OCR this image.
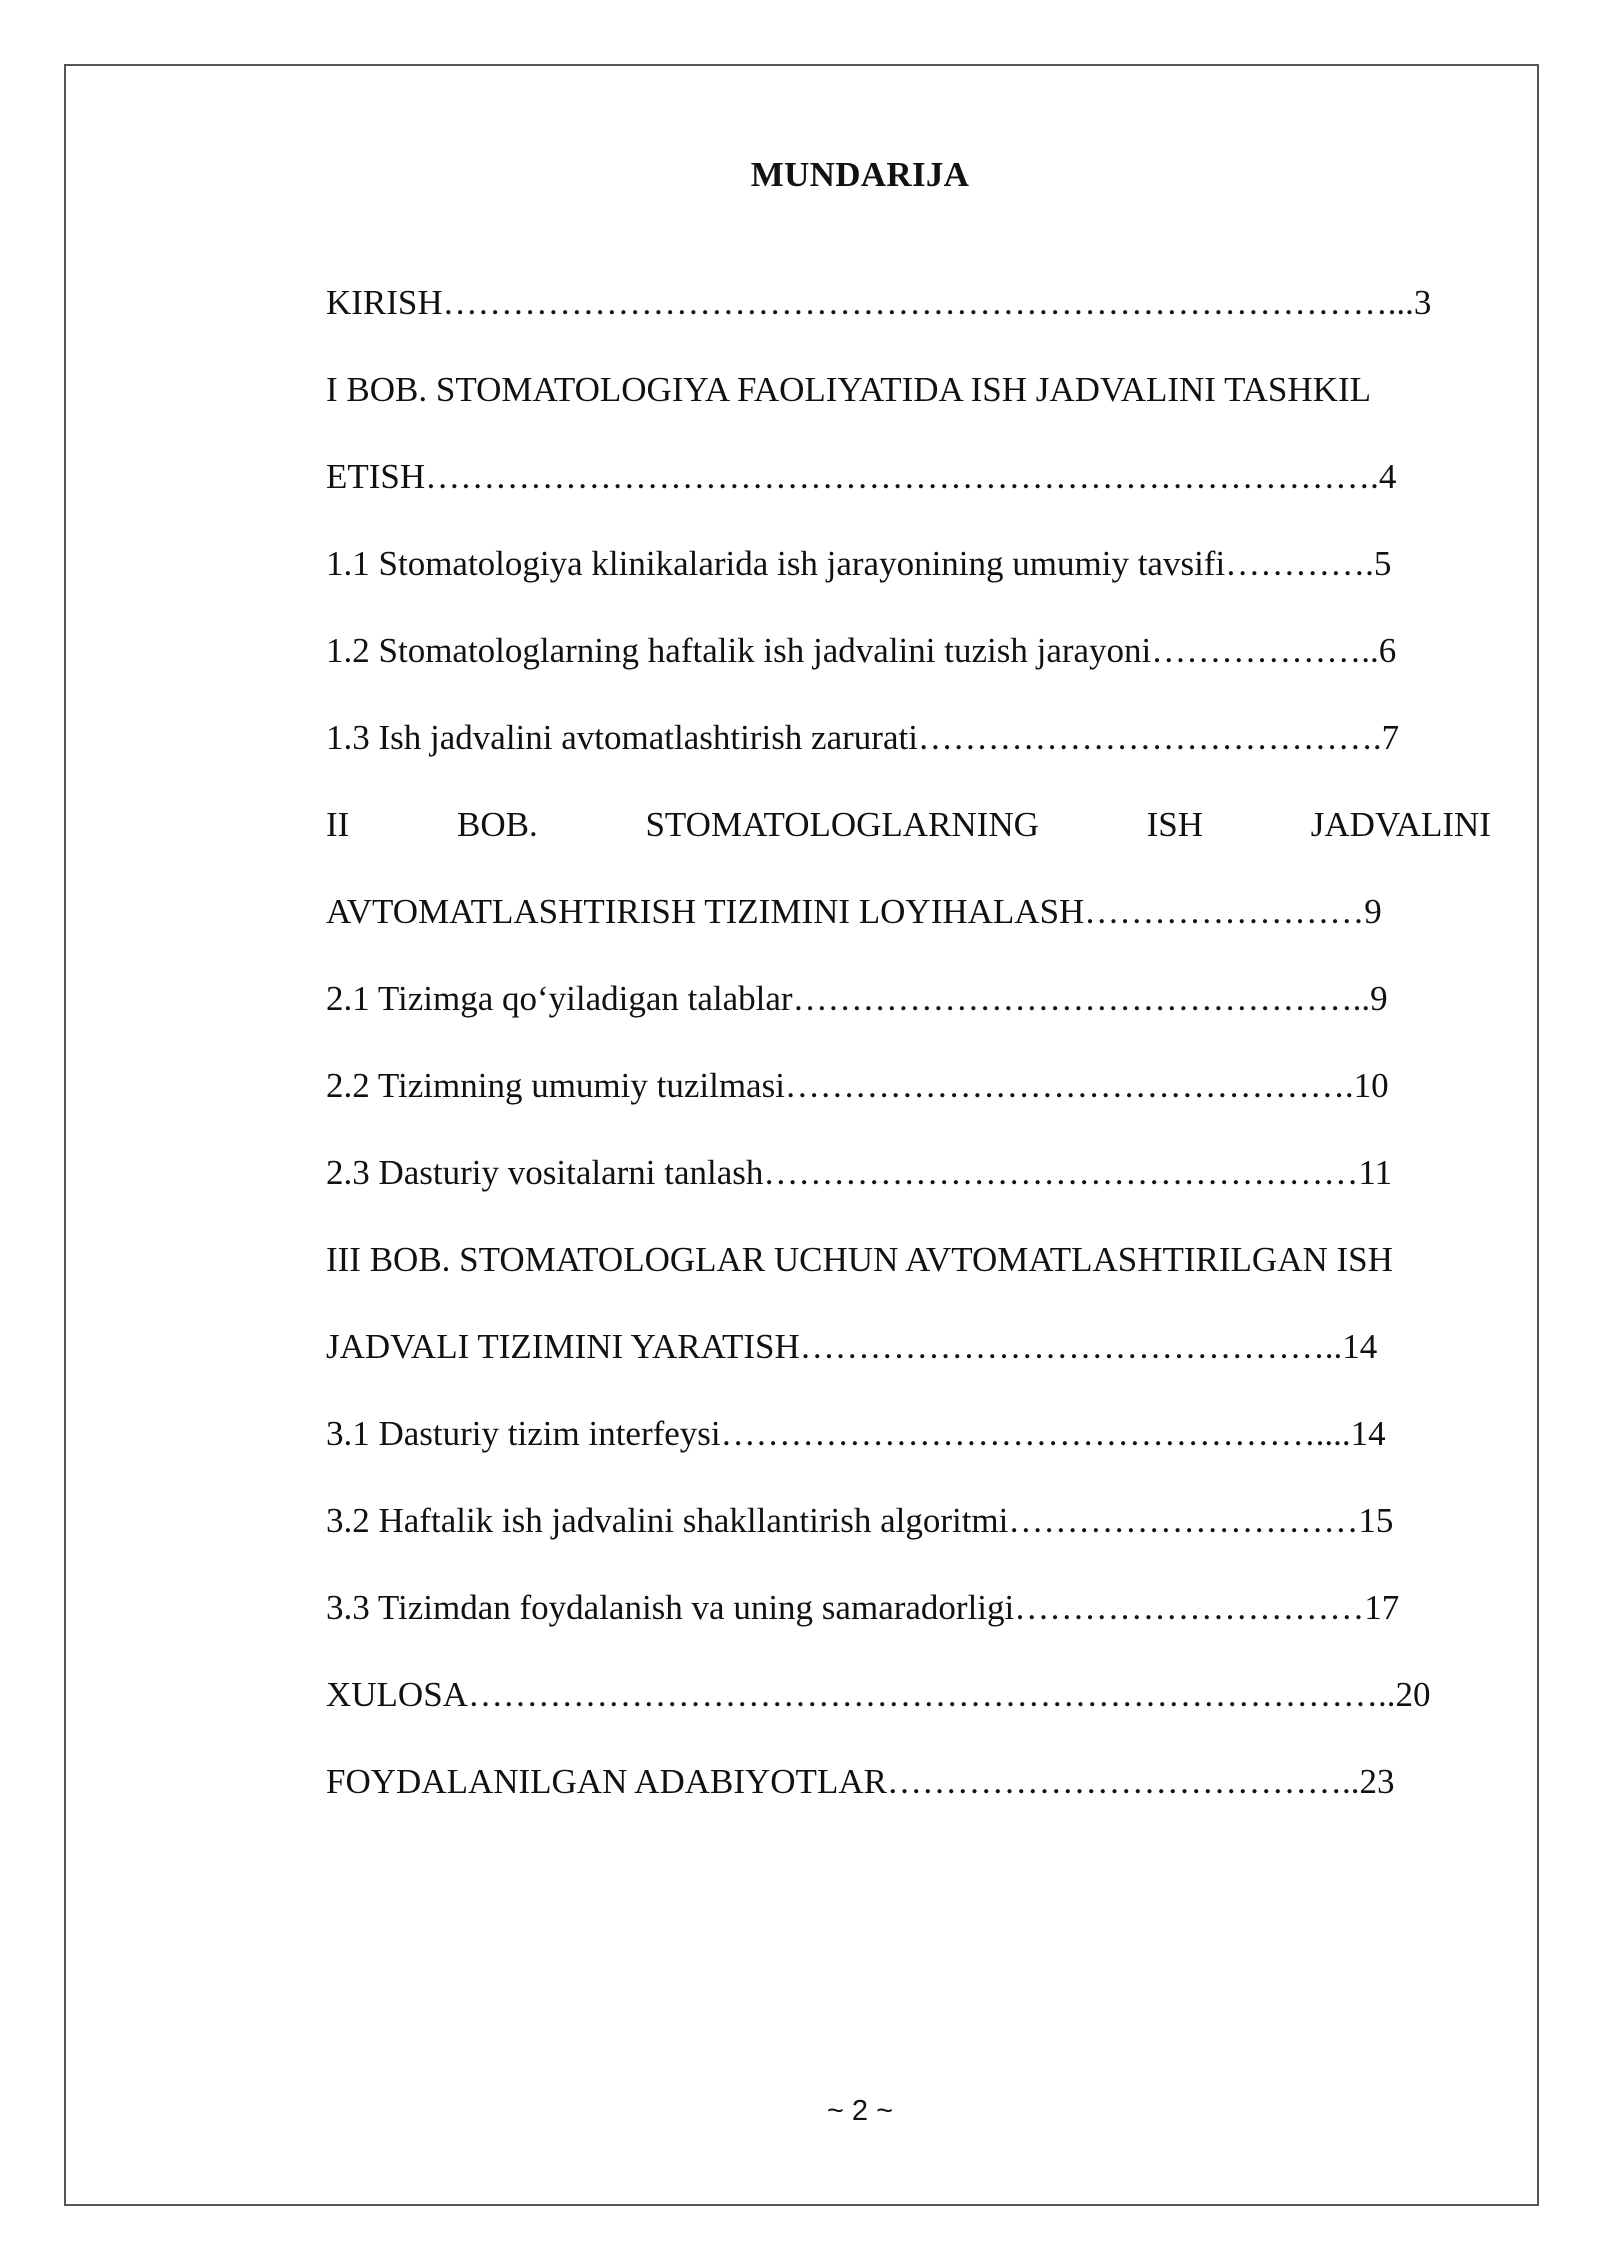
MUNDARIJA
KIRISH………………………………………………………………………...3
I BOB. STOMATOLOGIYA FAOLIYATIDA ISH JADVALINI TASHKIL
ETISH……………………………………………………………………….4
1.1 Stomatologiya klinikalarida ish jarayonining umumiy tavsifi………….5
1.2 Stomatologlarning haftalik ish jadvalini tuzish jarayoni………………..6
1.3 Ish jadvalini avtomatlashtirish zarurati………………………………….7
II	BOB.	STOMATOLOGLARNING	ISH	JADVALINI
AVTOMATLASHTIRISH TIZIMINI LOYIHALASH……………………9
2.1 Tizimga qo‘yiladigan talablar…………………………………………..9
2.2 Tizimning umumiy tuzilmasi………………………………………….10
2.3 Dasturiy vositalarni tanlash……………………………………………11
III BOB. STOMATOLOGLAR UCHUN AVTOMATLASHTIRILGAN ISH
JADVALI TIZIMINI YARATISH………………………………………..14
3.1 Dasturiy tizim interfeysi……………………………………………....14
3.2 Haftalik ish jadvalini shakllantirish algoritmi…………………………15
3.3 Tizimdan foydalanish va uning samaradorligi…………………………17
XULOSA……………………………………………………………………..20
FOYDALANILGAN ADABIYOTLAR…………………………………..23
~ 2 ~
